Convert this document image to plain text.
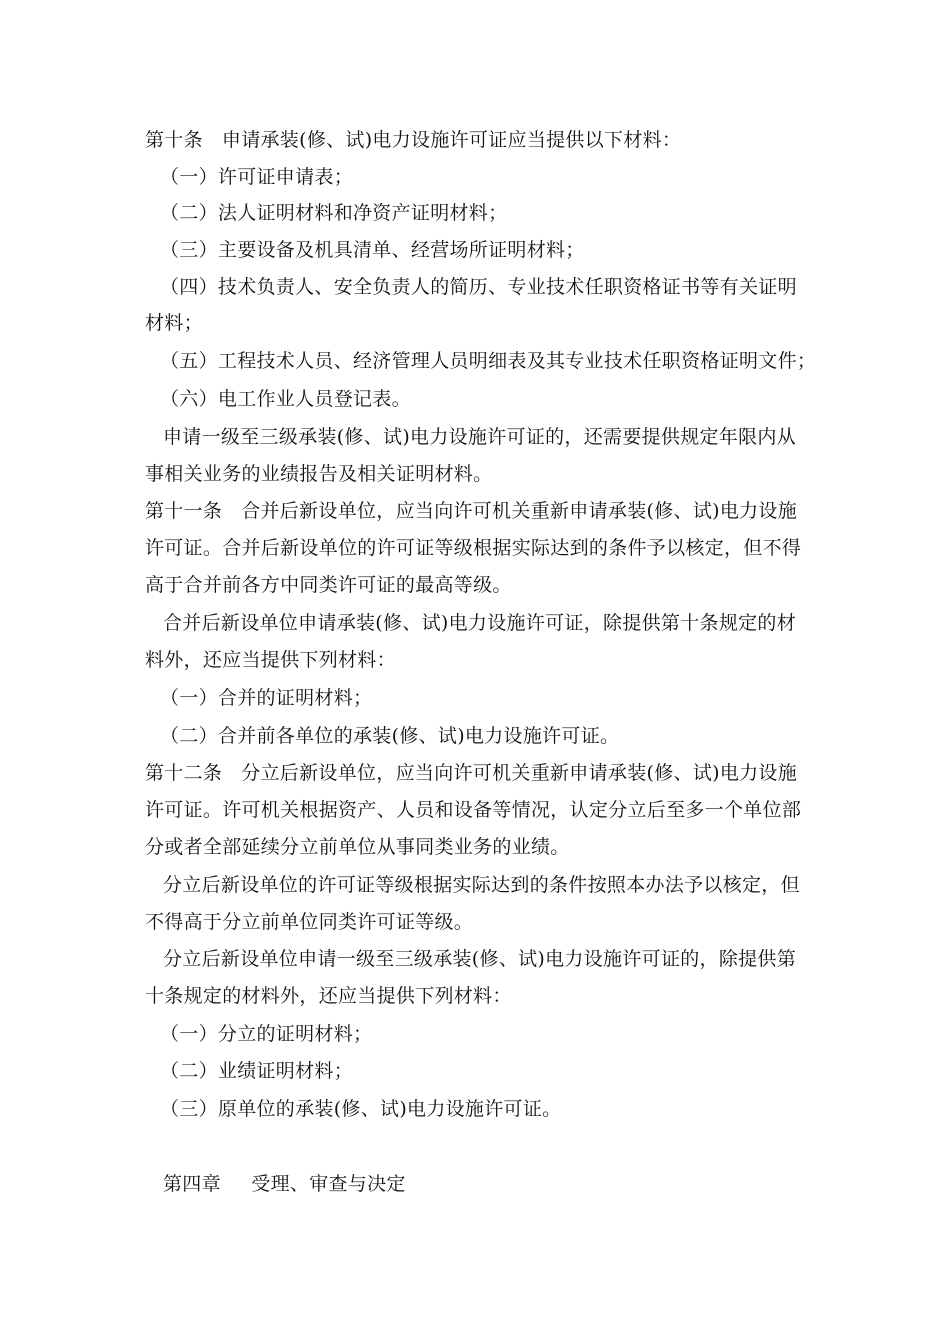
第十条 申请承装(修、试)电力设施许可证应当提供以下材料：
（一）许可证申请表；
（二）法人证明材料和净资产证明材料；
（三）主要设备及机具清单、经营场所证明材料；
（四）技术负责人、安全负责人的简历、专业技术任职资格证书等有关证明
材料；
（五）工程技术人员、经济管理人员明细表及其专业技术任职资格证明文件；
（六）电工作业人员登记表。
申请一级至三级承装(修、试)电力设施许可证的，还需要提供规定年限内从
事相关业务的业绩报告及相关证明材料。
第十一条 合并后新设单位，应当向许可机关重新申请承装(修、试)电力设施
许可证。合并后新设单位的许可证等级根据实际达到的条件予以核定，但不得
高于合并前各方中同类许可证的最高等级。
合并后新设单位申请承装(修、试)电力设施许可证，除提供第十条规定的材
料外，还应当提供下列材料：
（一）合并的证明材料；
（二）合并前各单位的承装(修、试)电力设施许可证。
第十二条 分立后新设单位，应当向许可机关重新申请承装(修、试)电力设施
许可证。许可机关根据资产、人员和设备等情况，认定分立后至多一个单位部
分或者全部延续分立前单位从事同类业务的业绩。
分立后新设单位的许可证等级根据实际达到的条件按照本办法予以核定，但
不得高于分立前单位同类许可证等级。
分立后新设单位申请一级至三级承装(修、试)电力设施许可证的，除提供第
十条规定的材料外，还应当提供下列材料：
（一）分立的证明材料；
（二）业绩证明材料；
（三）原单位的承装(修、试)电力设施许可证。
第四章 受理、审查与决定
